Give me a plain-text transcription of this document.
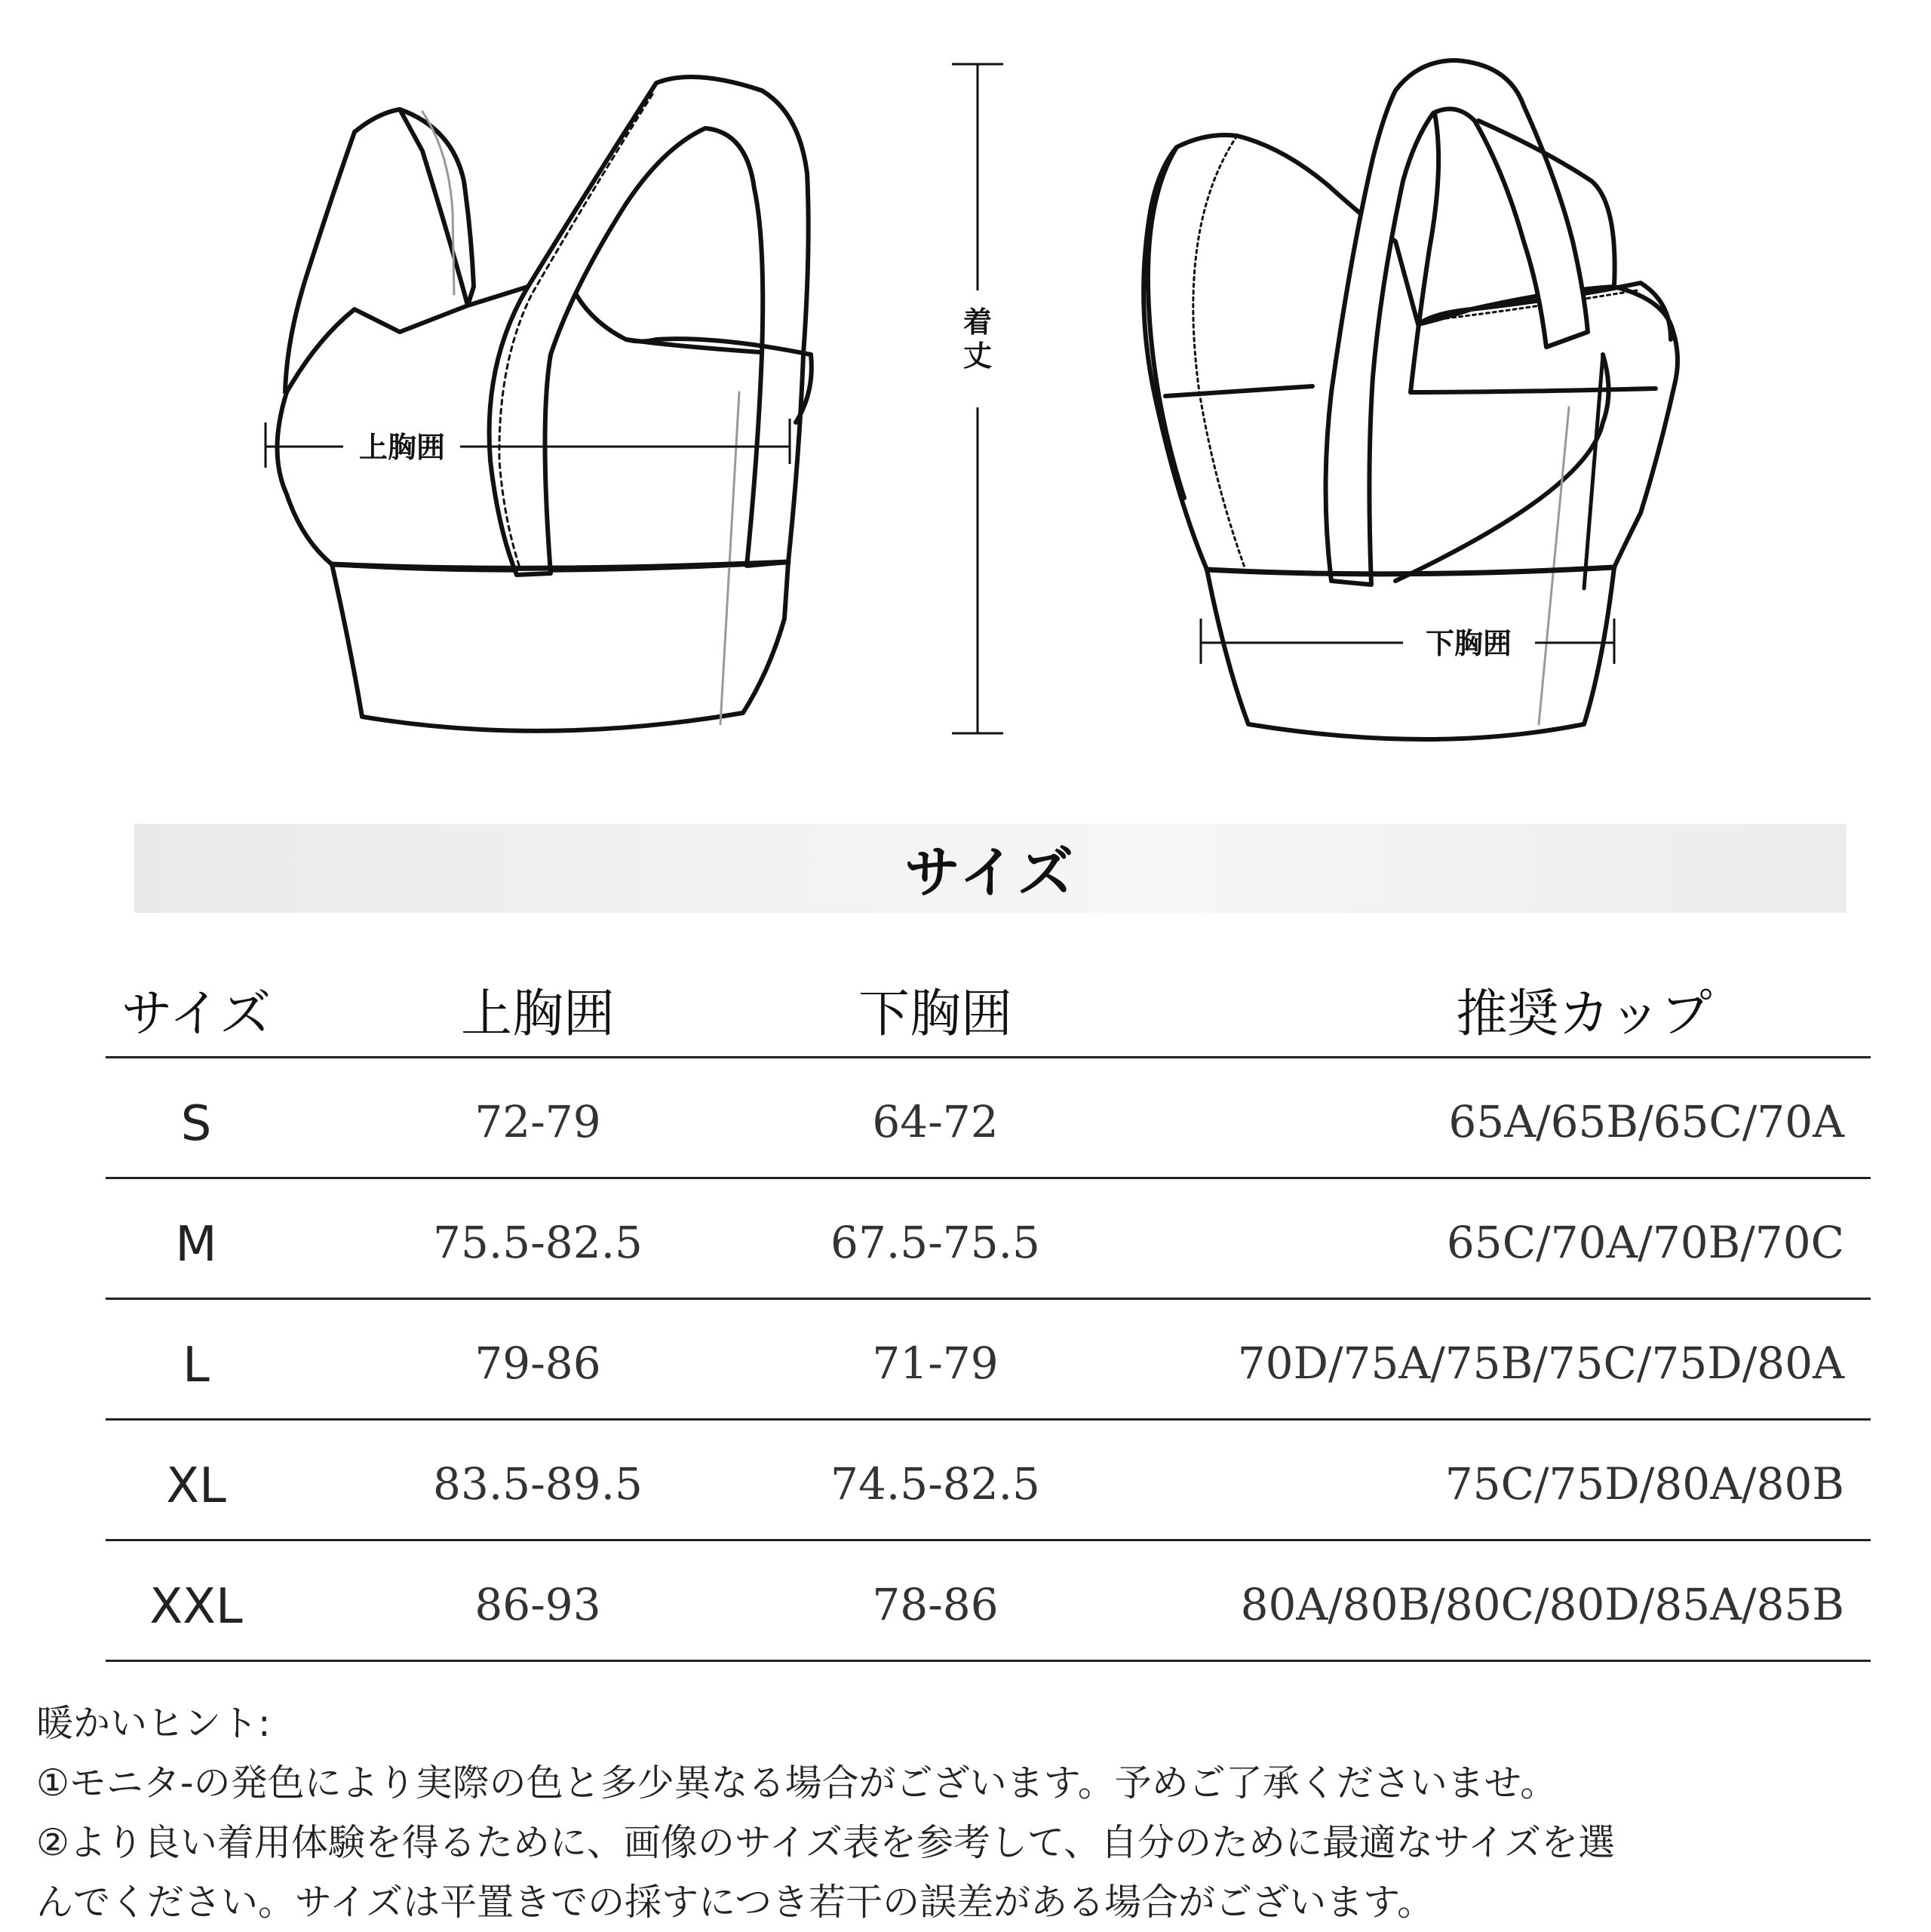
上胸囲
着
丈
下胸囲
サイズ
サイズ	上胸囲	下胸囲	推奨カップ
S	72-79	64-72	65A/65B/65C/70A
M	75.5-82.5	67.5-75.5	65C/70A/70B/70C
L	79-86	71-79	70D/75A/75B/75C/75D/80A
XL	83.5-89.5	74.5-82.5	75C/75D/80A/80B
XXL	86-93	78-86	80A/80B/80C/80D/85A/85B
暖かいヒント:
①モニタ-の発色により実際の色と多少異なる場合がございます。予めご了承くださいませ。
②より良い着用体験を得るために、画像のサイズ表を参考して、自分のために最適なサイズを選
んでください。サイズは平置きでの採すにつき若干の誤差がある場合がございます。
